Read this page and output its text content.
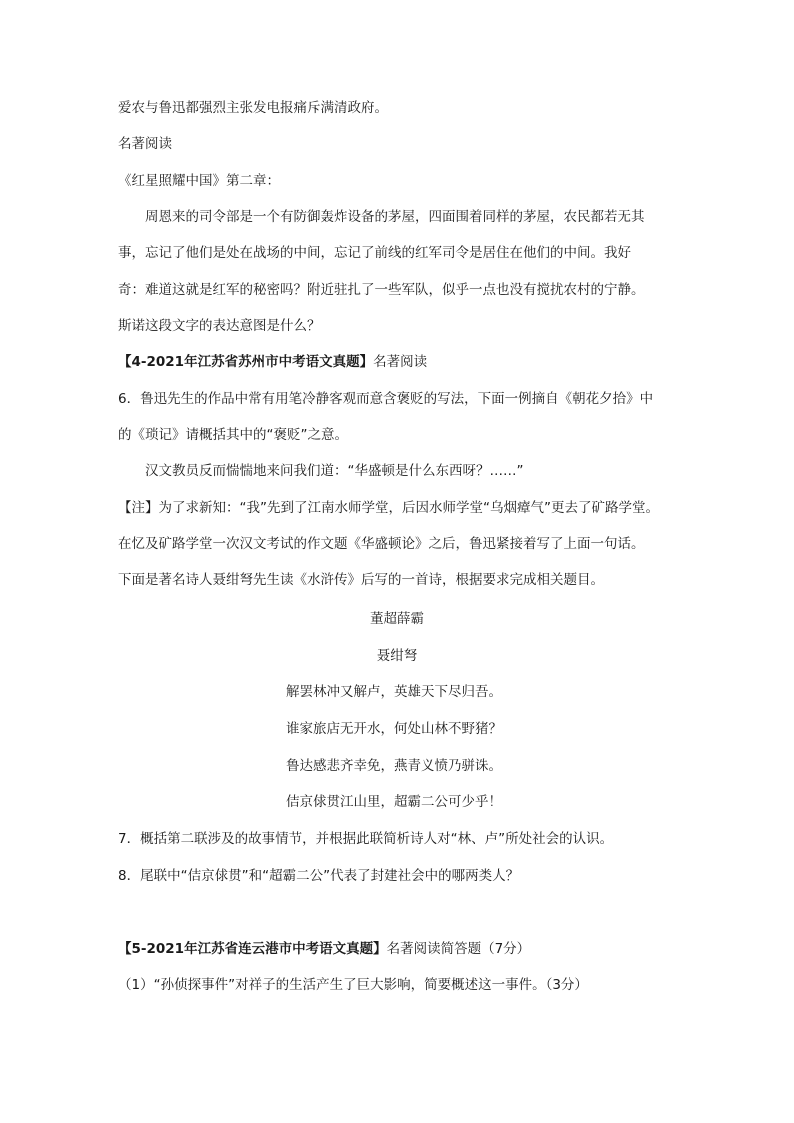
爱农与鲁迅都强烈主张发电报痛斥满清政府。
名著阅读
《红星照耀中国》第二章：
周恩来的司令部是一个有防御轰炸设备的茅屋，四面围着同样的茅屋，农民都若无其
事，忘记了他们是处在战场的中间，忘记了前线的红军司令是居住在他们的中间。我好
奇：难道这就是红军的秘密吗？附近驻扎了一些军队，似乎一点也没有搅扰农村的宁静。
斯诺这段文字的表达意图是什么？
【4-2021年江苏省苏州市中考语文真题】名著阅读
6．鲁迅先生的作品中常有用笔冷静客观而意含褒贬的写法，下面一例摘自《朝花夕拾》中
的《琐记》请概括其中的“褒贬”之意。
汉文教员反而惴惴地来问我们道：“华盛顿是什么东西呀？……”
【注】为了求新知：“我”先到了江南水师学堂，后因水师学堂“乌烟瘴气”更去了矿路学堂。
在忆及矿路学堂一次汉文考试的作文题《华盛顿论》之后，鲁迅紧接着写了上面一句话。
下面是著名诗人聂绀弩先生读《水浒传》后写的一首诗，根据要求完成相关题目。
董超薛霸
聂绀弩
解罢林冲又解卢，英雄天下尽归吾。
谁家旅店无开水，何处山林不野猪？
鲁达感悲齐幸免，燕青义愤乃骈诛。
佶京俅贯江山里，超霸二公可少乎！
7．概括第二联涉及的故事情节，并根据此联简析诗人对“林、卢”所处社会的认识。
8．尾联中“佶京俅贯”和“超霸二公”代表了封建社会中的哪两类人？
【5-2021年江苏省连云港市中考语文真题】名著阅读简答题（7分）
（1）“孙侦探事件”对祥子的生活产生了巨大影响，简要概述这一事件。（3分）
